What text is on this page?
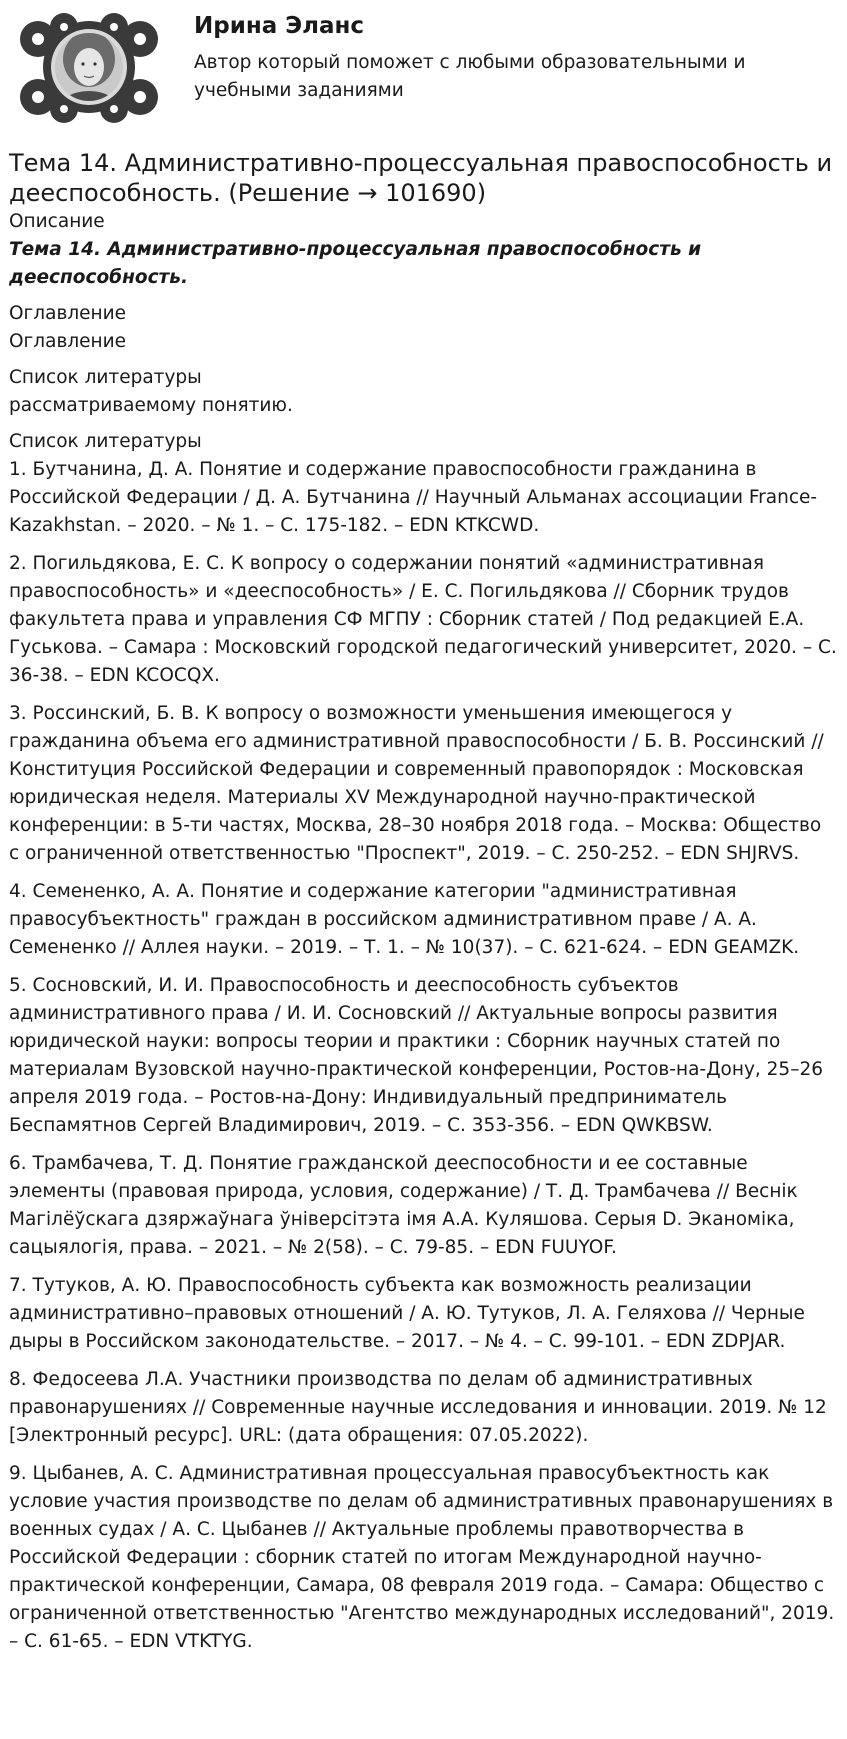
Ирина Эланс
Автор который поможет с любыми образовательными и учебными заданиями
Тема 14. Административно-процессуальная правоспособность и дееспособность. (Решение → 101690)

Описание

Тема 14. Административно-процессуальная правоспособность и дееспособность.

Оглавление

Оглавление

Список литературы

рассматриваемому понятию.

Список литературы

1. Бутчанина, Д. А. Понятие и содержание правоспособности гражданина в Российской Федерации / Д. А. Бутчанина // Научный Альманах ассоциации France-Kazakhstan. – 2020. – № 1. – С. 175-182. – EDN KTKCWD.
2. Погильдякова, Е. С. К вопросу о содержании понятий «административная правоспособность» и «дееспособность» / Е. С. Погильдякова // Сборник трудов факультета права и управления СФ МГПУ : Сборник статей / Под редакцией Е.А. Гуськова. – Самара : Московский городской педагогический университет, 2020. – С. 36-38. – EDN KCOCQX.
3. Россинский, Б. В. К вопросу о возможности уменьшения имеющегося у гражданина объема его административной правоспособности / Б. В. Россинский // Конституция Российской Федерации и современный правопорядок : Московская юридическая неделя. Материалы XV Международной научно-практической конференции: в 5-ти частях, Москва, 28–30 ноября 2018 года. – Москва: Общество с ограниченной ответственностью "Проспект", 2019. – С. 250-252. – EDN SHJRVS.
4. Семененко, А. А. Понятие и содержание категории "административная правосубъектность" граждан в российском административном праве / А. А. Семененко // Аллея науки. – 2019. – Т. 1. – № 10(37). – С. 621-624. – EDN GEAMZK.
5. Сосновский, И. И. Правоспособность и дееспособность субъектов административного права / И. И. Сосновский // Актуальные вопросы развития юридической науки: вопросы теории и практики : Сборник научных статей по материалам Вузовской научно-практической конференции, Ростов-на-Дону, 25–26 апреля 2019 года. – Ростов-на-Дону: Индивидуальный предприниматель Беспамятнов Сергей Владимирович, 2019. – С. 353-356. – EDN QWKBSW.
6. Трамбачева, Т. Д. Понятие гражданской дееспособности и ее составные элементы (правовая природа, условия, содержание) / Т. Д. Трамбачева // Веснік Магілёўскага дзяржаўнага ўніверсітэта імя А.А. Куляшова. Серыя D. Эканоміка, сацыялогія, права. – 2021. – № 2(58). – С. 79-85. – EDN FUUYOF.
7. Тутуков, А. Ю. Правоспособность субъекта как возможность реализации административно–правовых отношений / А. Ю. Тутуков, Л. А. Геляхова // Черные дыры в Российском законодательстве. – 2017. – № 4. – С. 99-101. – EDN ZDPJAR.
8. Федосеева Л.А. Участники производства по делам об административных правонарушениях // Современные научные исследования и инновации. 2019. № 12 [Электронный ресурс]. URL: (дата обращения: 07.05.2022).
9. Цыбанев, А. С. Административная процессуальная правосубъектность как условие участия производстве по делам об административных правонарушениях в военных судах / А. С. Цыбанев // Актуальные проблемы правотворчества в Российской Федерации : сборник статей по итогам Международной научно-практической конференции, Самара, 08 февраля 2019 года. – Самара: Общество с ограниченной ответственностью "Агентство международных исследований", 2019. – С. 61-65. – EDN VTKTYG.
